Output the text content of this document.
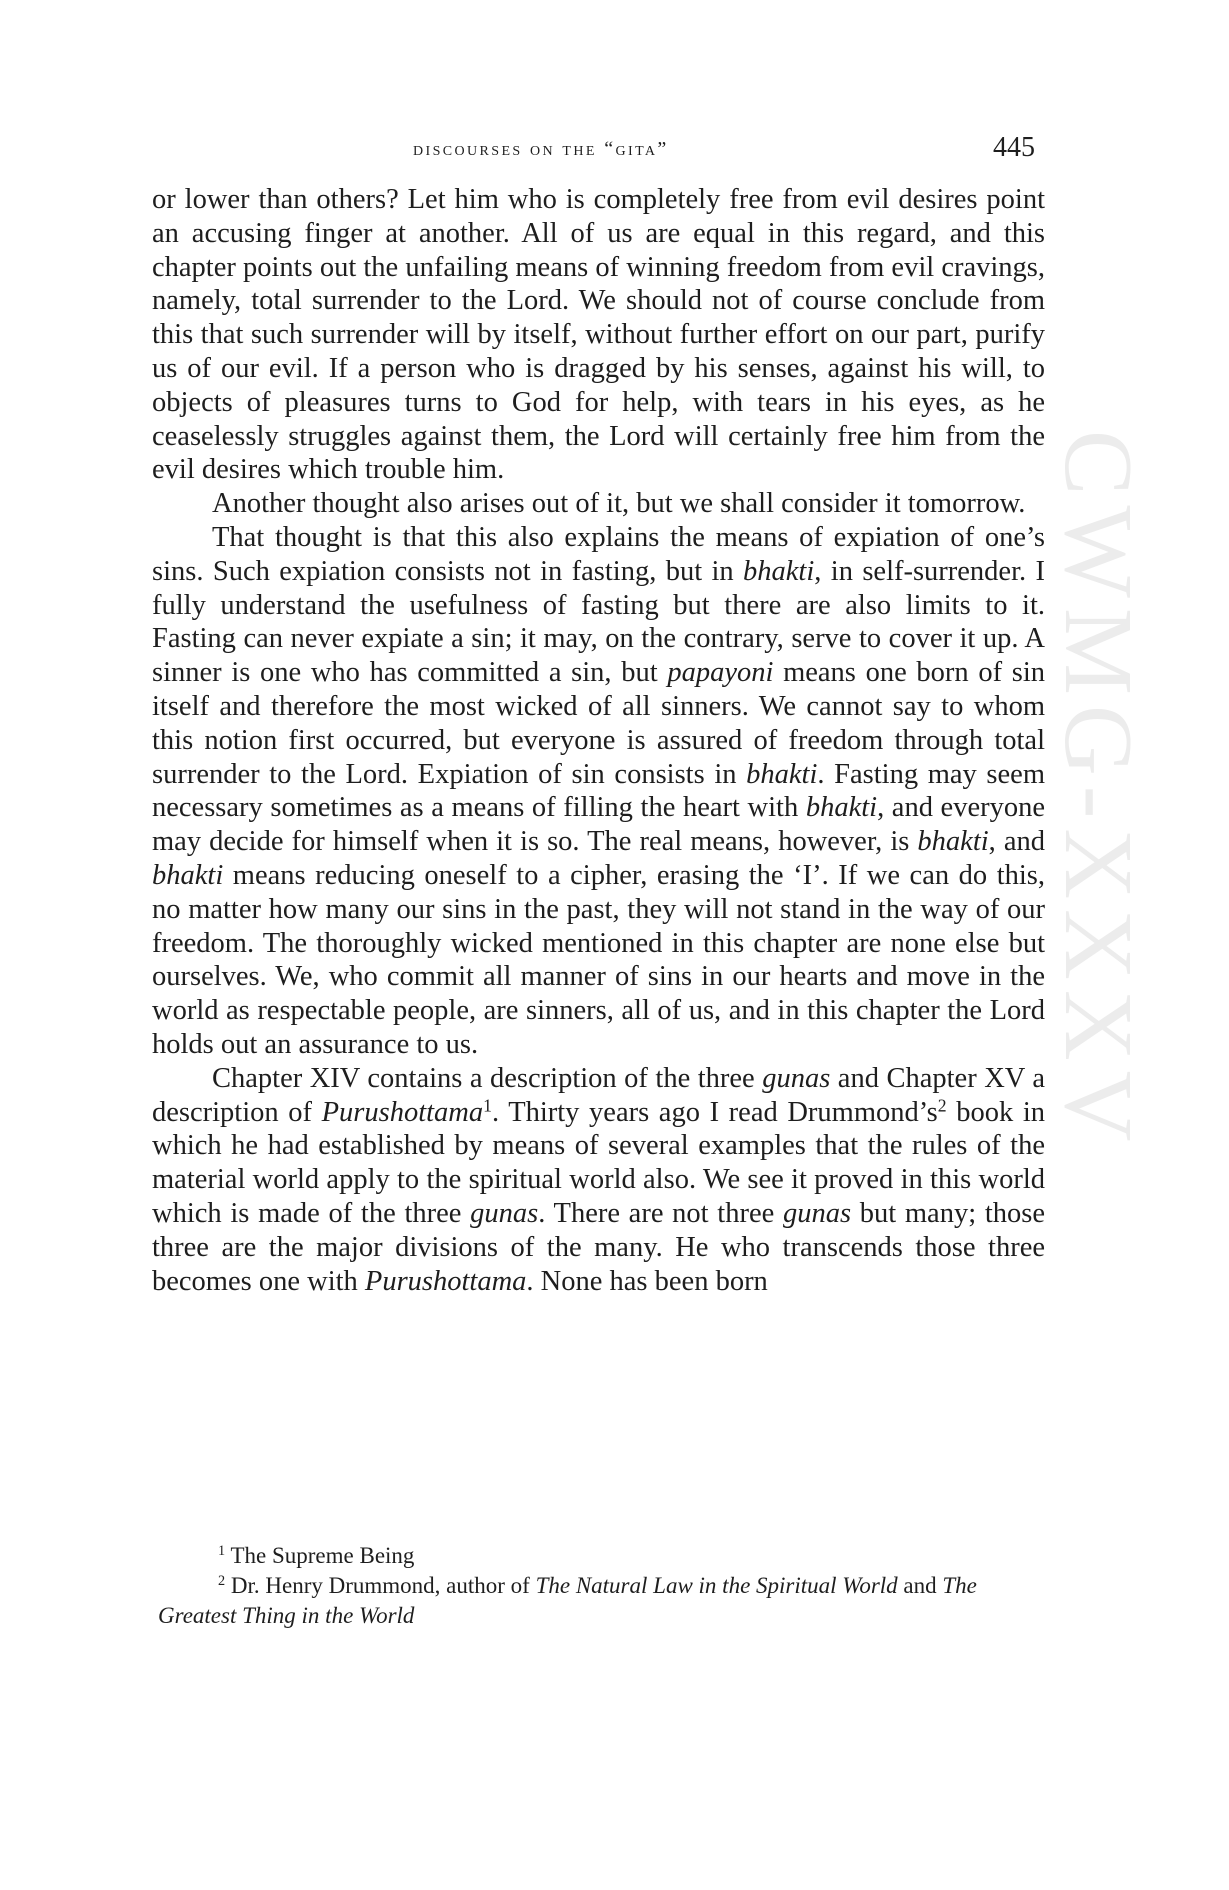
CWMG-XXXV
discourses on the “gita”	445

or lower than others? Let him who is completely free from evil desires point an accusing finger at another. All of us are equal in this regard, and this chapter points out the unfailing means of winning freedom from evil cravings, namely, total surrender to the Lord. We should not of course conclude from this that such surrender will by itself, without further effort on our part, purify us of our evil. If a person who is dragged by his senses, against his will, to objects of pleasures turns to God for help, with tears in his eyes, as he ceaselessly struggles against them, the Lord will certainly free him from the evil desires which trouble him.

Another thought also arises out of it, but we shall consider it tomorrow.

That thought is that this also explains the means of expiation of one’s sins. Such expiation consists not in fasting, but in bhakti, in self-surrender. I fully understand the usefulness of fasting but there are also limits to it. Fasting can never expiate a sin; it may, on the contrary, serve to cover it up. A sinner is one who has committed a sin, but papayoni means one born of sin itself and therefore the most wicked of all sinners. We cannot say to whom this notion first occurred, but everyone is assured of freedom through total surrender to the Lord. Expiation of sin consists in bhakti. Fasting may seem necessary sometimes as a means of filling the heart with bhakti, and everyone may decide for himself when it is so. The real means, however, is bhakti, and bhakti means reducing oneself to a cipher, erasing the ‘I’. If we can do this, no matter how many our sins in the past, they will not stand in the way of our freedom. The thoroughly wicked mentioned in this chapter are none else but ourselves. We, who commit all manner of sins in our hearts and move in the world as respectable people, are sinners, all of us, and in this chapter the Lord holds out an assurance to us.

Chapter XIV contains a description of the three gunas and Chapter XV a description of Purushottama$^1$. Thirty years ago I read $Drummond’s^2$ book in which he had established by means of several examples that the rules of the material world apply to the spiritual world also. We see it proved in this world which is made of the three gunas. There are not three gunas but many; those three are the major divisions of the many. He who transcends those three becomes one with Purushottama. None has been born

$^1$ The Supreme Being

$^2$ Dr. Henry Drummond, author of The Natural Law in the Spiritual World and The Greatest Thing in the World
